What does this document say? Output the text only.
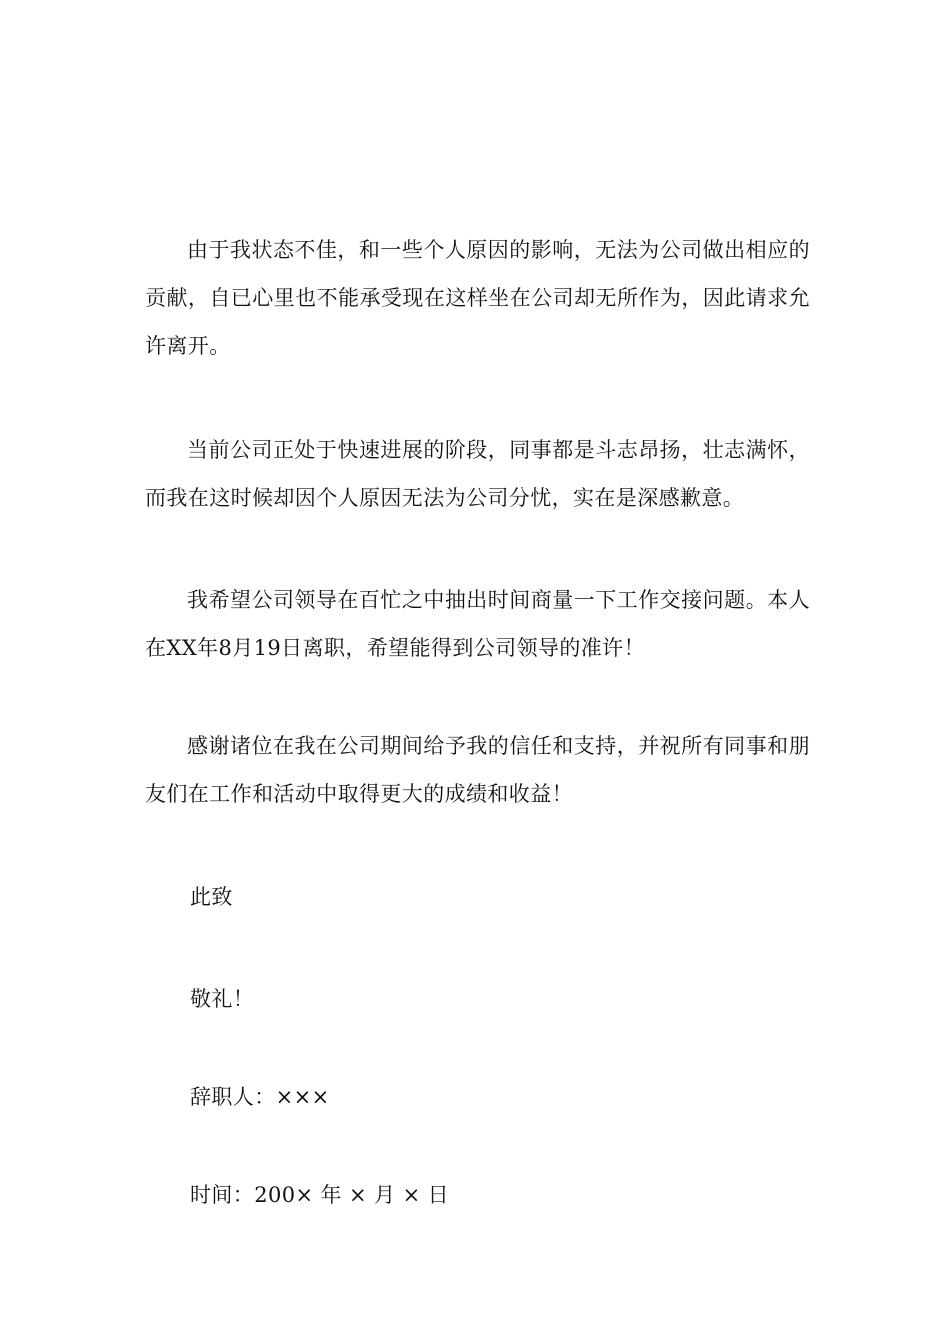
由于我状态不佳，和一些个人原因的影响，无法为公司做出相应的贡献，自已心里也不能承受现在这样坐在公司却无所作为，因此请求允许离开。

当前公司正处于快速进展的阶段，同事都是斗志昂扬，壮志满怀，而我在这时候却因个人原因无法为公司分忧，实在是深感歉意。

我希望公司领导在百忙之中抽出时间商量一下工作交接问题。本人在XX年8月19日离职，希望能得到公司领导的准许！

感谢诸位在我在公司期间给予我的信任和支持，并祝所有同事和朋友们在工作和活动中取得更大的成绩和收益！

此致
敬礼！
辞职人：×××
时间：200× 年 × 月 × 日
